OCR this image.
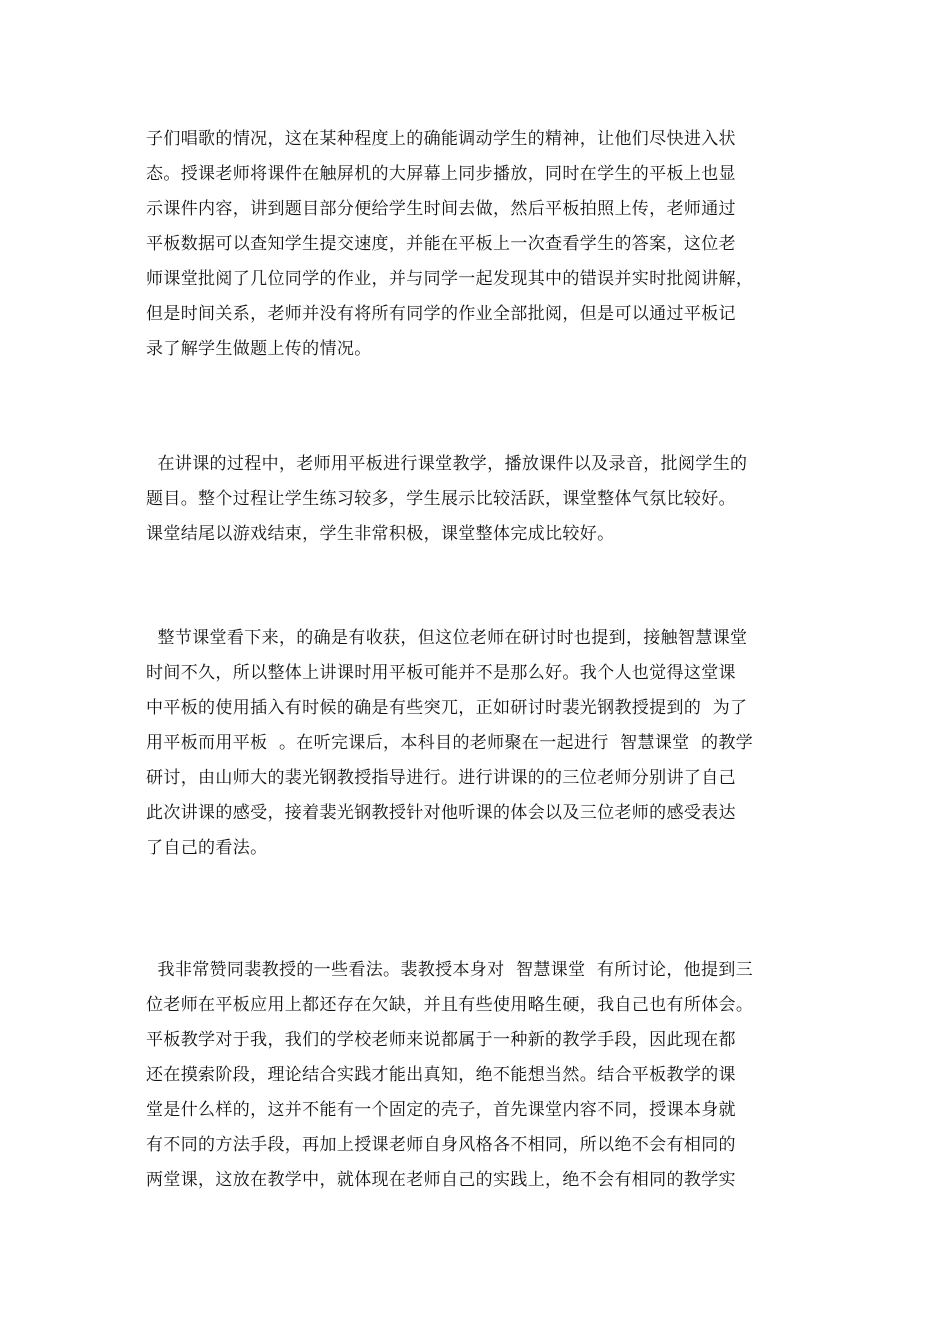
子们唱歌的情况，这在某种程度上的确能调动学生的精神，让他们尽快进入状
态。授课老师将课件在触屏机的大屏幕上同步播放，同时在学生的平板上也显
示课件内容，讲到题目部分便给学生时间去做，然后平板拍照上传，老师通过
平板数据可以查知学生提交速度，并能在平板上一次查看学生的答案，这位老
师课堂批阅了几位同学的作业，并与同学一起发现其中的错误并实时批阅讲解，
但是时间关系，老师并没有将所有同学的作业全部批阅，但是可以通过平板记
录了解学生做题上传的情况。
在讲课的过程中，老师用平板进行课堂教学，播放课件以及录音，批阅学生的
题目。整个过程让学生练习较多，学生展示比较活跃，课堂整体气氛比较好。
课堂结尾以游戏结束，学生非常积极，课堂整体完成比较好。
整节课堂看下来，的确是有收获，但这位老师在研讨时也提到，接触智慧课堂
时间不久，所以整体上讲课时用平板可能并不是那么好。我个人也觉得这堂课
中平板的使用插入有时候的确是有些突兀，正如研讨时裴光钢教授提到的  为了
用平板而用平板  。在听完课后，本科目的老师聚在一起进行  智慧课堂  的教学
研讨，由山师大的裴光钢教授指导进行。进行讲课的的三位老师分别讲了自己
此次讲课的感受，接着裴光钢教授针对他听课的体会以及三位老师的感受表达
了自己的看法。
我非常赞同裴教授的一些看法。裴教授本身对  智慧课堂  有所讨论，他提到三
位老师在平板应用上都还存在欠缺，并且有些使用略生硬，我自己也有所体会。
平板教学对于我，我们的学校老师来说都属于一种新的教学手段，因此现在都
还在摸索阶段，理论结合实践才能出真知，绝不能想当然。结合平板教学的课
堂是什么样的，这并不能有一个固定的壳子，首先课堂内容不同，授课本身就
有不同的方法手段，再加上授课老师自身风格各不相同，所以绝不会有相同的
两堂课，这放在教学中，就体现在老师自己的实践上，绝不会有相同的教学实
